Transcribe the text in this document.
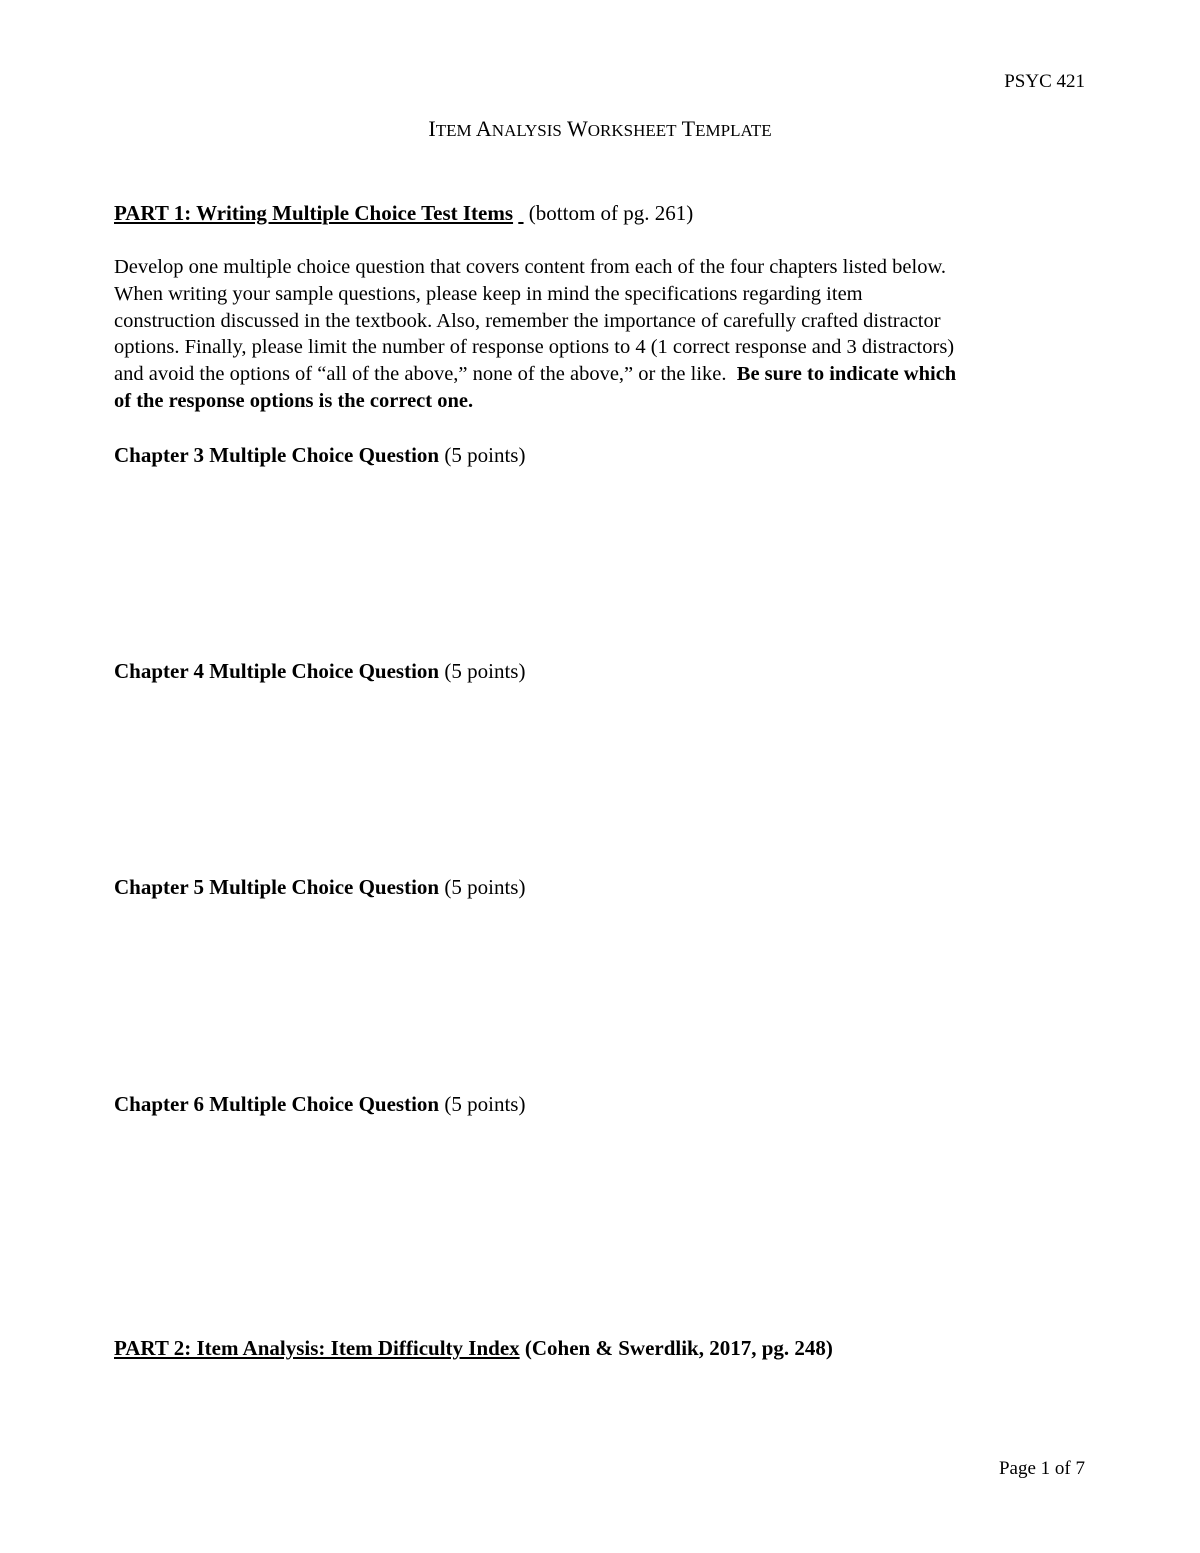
PSYC 421
ITEM ANALYSIS WORKSHEET TEMPLATE
PART 1: Writing Multiple Choice Test Items (bottom of pg. 261)
Develop one multiple choice question that covers content from each of the four chapters listed below.
When writing your sample questions, please keep in mind the specifications regarding item
construction discussed in the textbook. Also, remember the importance of carefully crafted distractor
options. Finally, please limit the number of response options to 4 (1 correct response and 3 distractors)
and avoid the options of “all of the above,” none of the above,” or the like.  Be sure to indicate which
of the response options is the correct one.
Chapter 3 Multiple Choice Question (5 points)
Chapter 4 Multiple Choice Question (5 points)
Chapter 5 Multiple Choice Question (5 points)
Chapter 6 Multiple Choice Question (5 points)
PART 2: Item Analysis: Item Difficulty Index (Cohen & Swerdlik, 2017, pg. 248)
Page 1 of 7
